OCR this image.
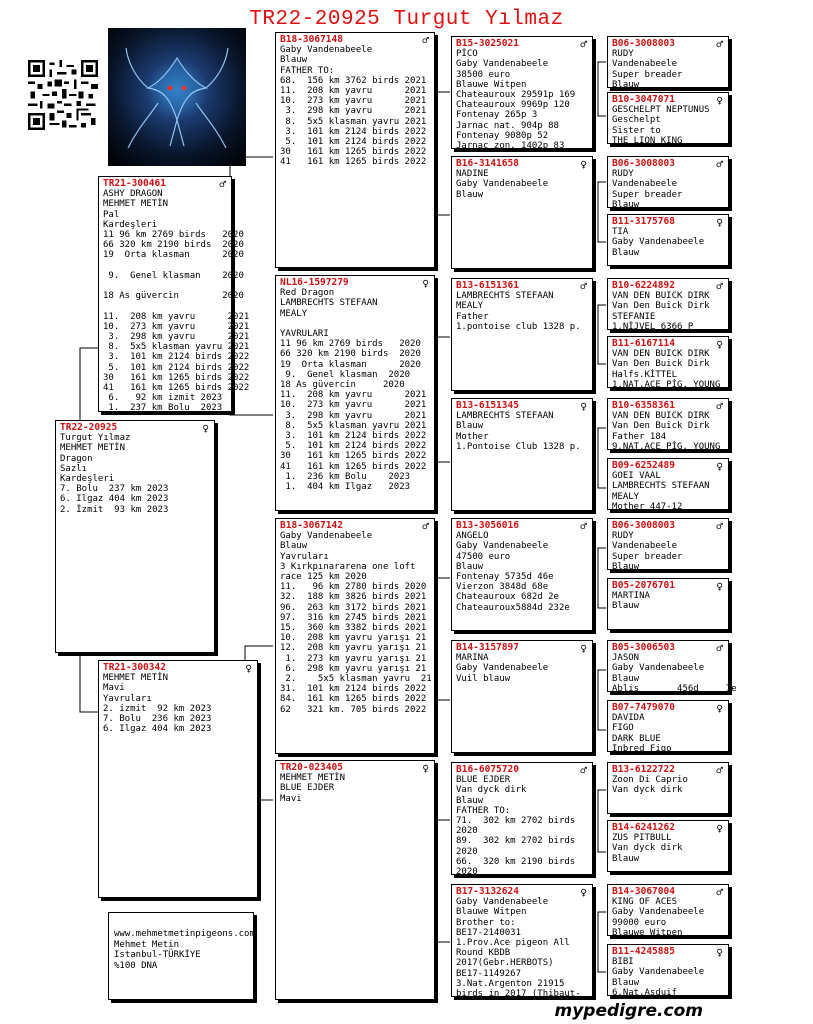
TR22-20925 Turgut Yılmaz
♀
TR22-20925
Turgut Yılmaz
MEHMET METİN
Dragon
Sazlı
Kardeşleri
7. Bolu  237 km 2023
6. Ilgaz 404 km 2023
2. İzmit  93 km 2023
♂
TR21-300461
ASHY DRAGON
MEHMET METİN
Pal
Kardeşleri
11 96 km 2769 birds   2020
66 320 km 2190 birds  2020
19  Orta klasman      2020

9.  Genel klasman    2020

18 As güvercin        2020

11.  208 km yavru      2021
10.  273 km yavru      2021
3.  298 km yavru      2021
8.  5x5 klasman yavru 2021
3.  101 km 2124 birds 2022
5.  101 km 2124 birds 2022
30   161 km 1265 birds 2022
41   161 km 1265 birds 2022
6.   92 km izmit 2023
1.  237 km Bolu  2023
♀
TR21-300342
MEHMET METİN
Mavi
Yavruları
2. izmit  92 km 2023
7. Bolu  236 km 2023
6. Ilgaz 404 km 2023
♂
B18-3067148
Gaby Vandenabeele
Blauw
FATHER TO:
68.  156 km 3762 birds 2021
11.  208 km yavru      2021
10.  273 km yavru      2021
3.  298 km yavru      2021
8.  5x5 klasman yavru 2021
3.  101 km 2124 birds 2022
5.  101 km 2124 birds 2022
30   161 km 1265 birds 2022
41   161 km 1265 birds 2022
♀
NL16-1597279
Red Dragon
LAMBRECHTS STEFAAN
MEALY

YAVRULARI
11 96 km 2769 birds   2020
66 320 km 2190 birds  2020
19  Orta klasman      2020
9.  Genel klasman  2020
18 As güvercin     2020
11.  208 km yavru      2021
10.  273 km yavru      2021
3.  298 km yavru      2021
8.  5x5 klasman yavru 2021
3.  101 km 2124 birds 2022
5.  101 km 2124 birds 2022
30   161 km 1265 birds 2022
41   161 km 1265 birds 2022
1.  236 km Bolu    2023
1.  404 km Ilgaz   2023
♂
B18-3067142
Gaby Vandenabeele
Blauw
Yavruları
3 Kırkpınararena one loft
race 125 km 2020
11.   96 km 2780 birds 2020
32.  188 km 3826 birds 2021
96.  263 km 3172 birds 2021
97.  316 km 2745 birds 2021
15.  360 km 3382 birds 2021
10.  208 km yavru yarışı 21
12.  208 km yavru yarışı 21
1.  273 km yavru yarışı 21
6.  298 km yavru yarışı 21
2.    5x5 klasman yavru  21
31.  101 km 2124 birds 2022
84.  161 km 1265 birds 2022
62   321 km. 705 birds 2022
♀
TR20-023405
MEHMET METİN
BLUE EJDER
Mavi
♂
B15-3025021
PİCO
Gaby Vandenabeele
38500 euro
Blauwe Witpen
Chateauroux 29591p 169
Chateauroux 9969p 120
Fontenay 265p 3
Jarnac nat. 904p 88
Fontenay 9080p 52
Jarnac zon. 1402p 83
♀
B16-3141658
NADINE
Gaby Vandenabeele
Blauw
♂
B13-6151361
LAMBRECHTS STEFAAN
MEALY
Father
1.pontoise club 1328 p.
♀
B13-6151345
LAMBRECHTS STEFAAN
Blauw
Mother
1.Pontoise Club 1328 p.
♂
B13-3056016
ANGELO
Gaby Vandenabeele
47500 euro
Blauw
Fontenay 5735d 46e
Vierzon 3848d 68e
Chateauroux 682d 2e
Chateauroux5884d 232e
♀
B14-3157897
MARINA
Gaby Vandenabeele
Vuil blauw
♂
B16-6075720
BLUE EJDER
Van dyck dirk
Blauw
FATHER TO:
71.  302 km 2702 birds
2020
89.  302 km 2702 birds
2020
66.  320 km 2190 birds
2020
♀
B17-3132624
Gaby Vandenabeele
Blauwe Witpen
Brother to:
BE17-2140031
1.Prov.Ace pigeon All
Round KBDB
2017(Gebr.HERBOTS)
BE17-1149267
3.Nat.Argenton 21915
birds in 2017 (Thibaut-
♂
B06-3008003
RUDY
Vandenabeele
Super breader
Blauw
♀
B10-3047071
GESCHELPT NEPTUNUS
Geschelpt
Sister to
THE LION KING
♂
B06-3008003
RUDY
Vandenabeele
Super breader
Blauw
♀
B11-3175768
TIA
Gaby Vandenabeele
Blauw
♂
B10-6224892
VAN DEN BUICK DIRK
Van Den Buick Dirk
STEFANIE
1.NİJVEL 6366 P
♀
B11-6167114
VAN DEN BUICK DIRK
Van Den Buick Dirk
Halfs.KİTTEL
1.NAT.ACE PİG. YOUNG
♂
B10-6358361
VAN DEN BUICK DIRK
Van Den Buick Dirk
Father 184
9.NAT.ACE PİG. YOUNG
♀
B09-6252489
GOEI VAAL
LAMBRECHTS STEFAAN
MEALY
Mother 447-12
♂
B06-3008003
RUDY
Vandenabeele
Super breader
Blauw
♀
B05-2076701
MARTINA
Blauw
♂
B05-3006503
JASON
Gaby Vandenabeele
Blauw
Ablis       456d     7e
♀
B07-7479070
DAVIDA
FIGO
DARK BLUE
Inbred Figo
♂
B13-6122722
Zoon Di Caprio
Van dyck dirk
♀
B14-6241262
ZUS PITBULL
Van dyck dirk
Blauw
♂
B14-3067004
KING OF ACES
Gaby Vandenabeele
99000 euro
Blauwe Witpen
♀
B11-4245885
BIBI
Gaby Vandenabeele
Blauw
6.Nat.Asduif
www.mehmetmetinpigeons.com
Mehmet Metin
Istanbul-TÜRKİYE
%100 DNA
mypedigre.com
